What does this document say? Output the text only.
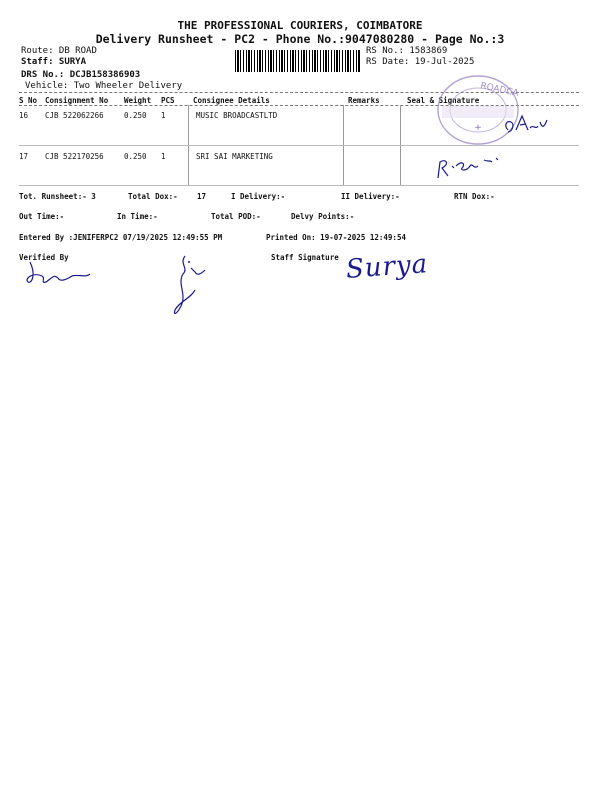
THE PROFESSIONAL COURIERS, COIMBATORE
Delivery Runsheet - PC2 - Phone No.:9047080280 - Page No.:3
Route: DB ROAD
Staff: SURYA
DRS No.: DCJB158386903
Vehicle: Two Wheeler Delivery
RS No.: 1583869
RS Date: 19-Jul-2025
S No Consignment No Weight PCS Consignee Details	Remarks	Seal & Signature
16 CJB 522062266	0.250 1	MUSIC BROADCASTLTD
17 CJB 522170256	0.250 1	SRI SAI MARKETING
ROADCA
+
Tot. Runsheet:- 3	Total Dox:-	17	I Delivery:-	II Delivery:-	RTN Dox:-
Out Time:-	In Time:-	Total POD:-	Delvy Points:-
Entered By :JENIFERPC2 07/19/2025 12:49:55 PM	Printed On: 19-07-2025 12:49:54
Verified By	Staff Signature Surya
